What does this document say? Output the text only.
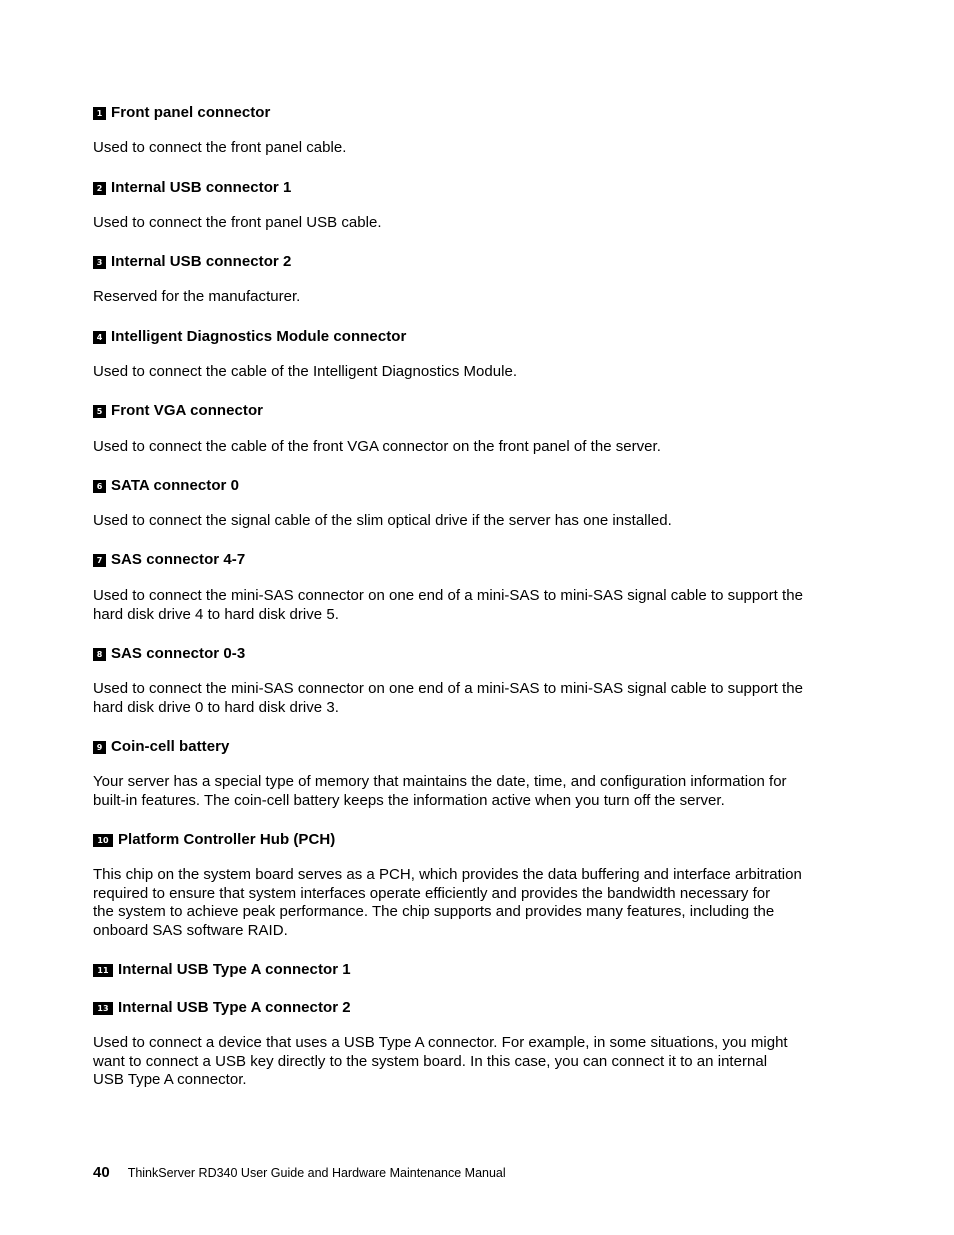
1 Front panel connector
Used to connect the front panel cable.
2 Internal USB connector 1
Used to connect the front panel USB cable.
3 Internal USB connector 2
Reserved for the manufacturer.
4 Intelligent Diagnostics Module connector
Used to connect the cable of the Intelligent Diagnostics Module.
5 Front VGA connector
Used to connect the cable of the front VGA connector on the front panel of the server.
6 SATA connector 0
Used to connect the signal cable of the slim optical drive if the server has one installed.
7 SAS connector 4-7
Used to connect the mini-SAS connector on one end of a mini-SAS to mini-SAS signal cable to support the
hard disk drive 4 to hard disk drive 5.
8 SAS connector 0-3
Used to connect the mini-SAS connector on one end of a mini-SAS to mini-SAS signal cable to support the
hard disk drive 0 to hard disk drive 3.
9 Coin-cell battery
Your server has a special type of memory that maintains the date, time, and configuration information for
built-in features. The coin-cell battery keeps the information active when you turn off the server.
10 Platform Controller Hub (PCH)
This chip on the system board serves as a PCH, which provides the data buffering and interface arbitration
required to ensure that system interfaces operate efficiently and provides the bandwidth necessary for
the system to achieve peak performance. The chip supports and provides many features, including the
onboard SAS software RAID.
11 Internal USB Type A connector 1
13 Internal USB Type A connector 2
Used to connect a device that uses a USB Type A connector. For example, in some situations, you might
want to connect a USB key directly to the system board. In this case, you can connect it to an internal
USB Type A connector.
40 ThinkServer RD340 User Guide and Hardware Maintenance Manual
